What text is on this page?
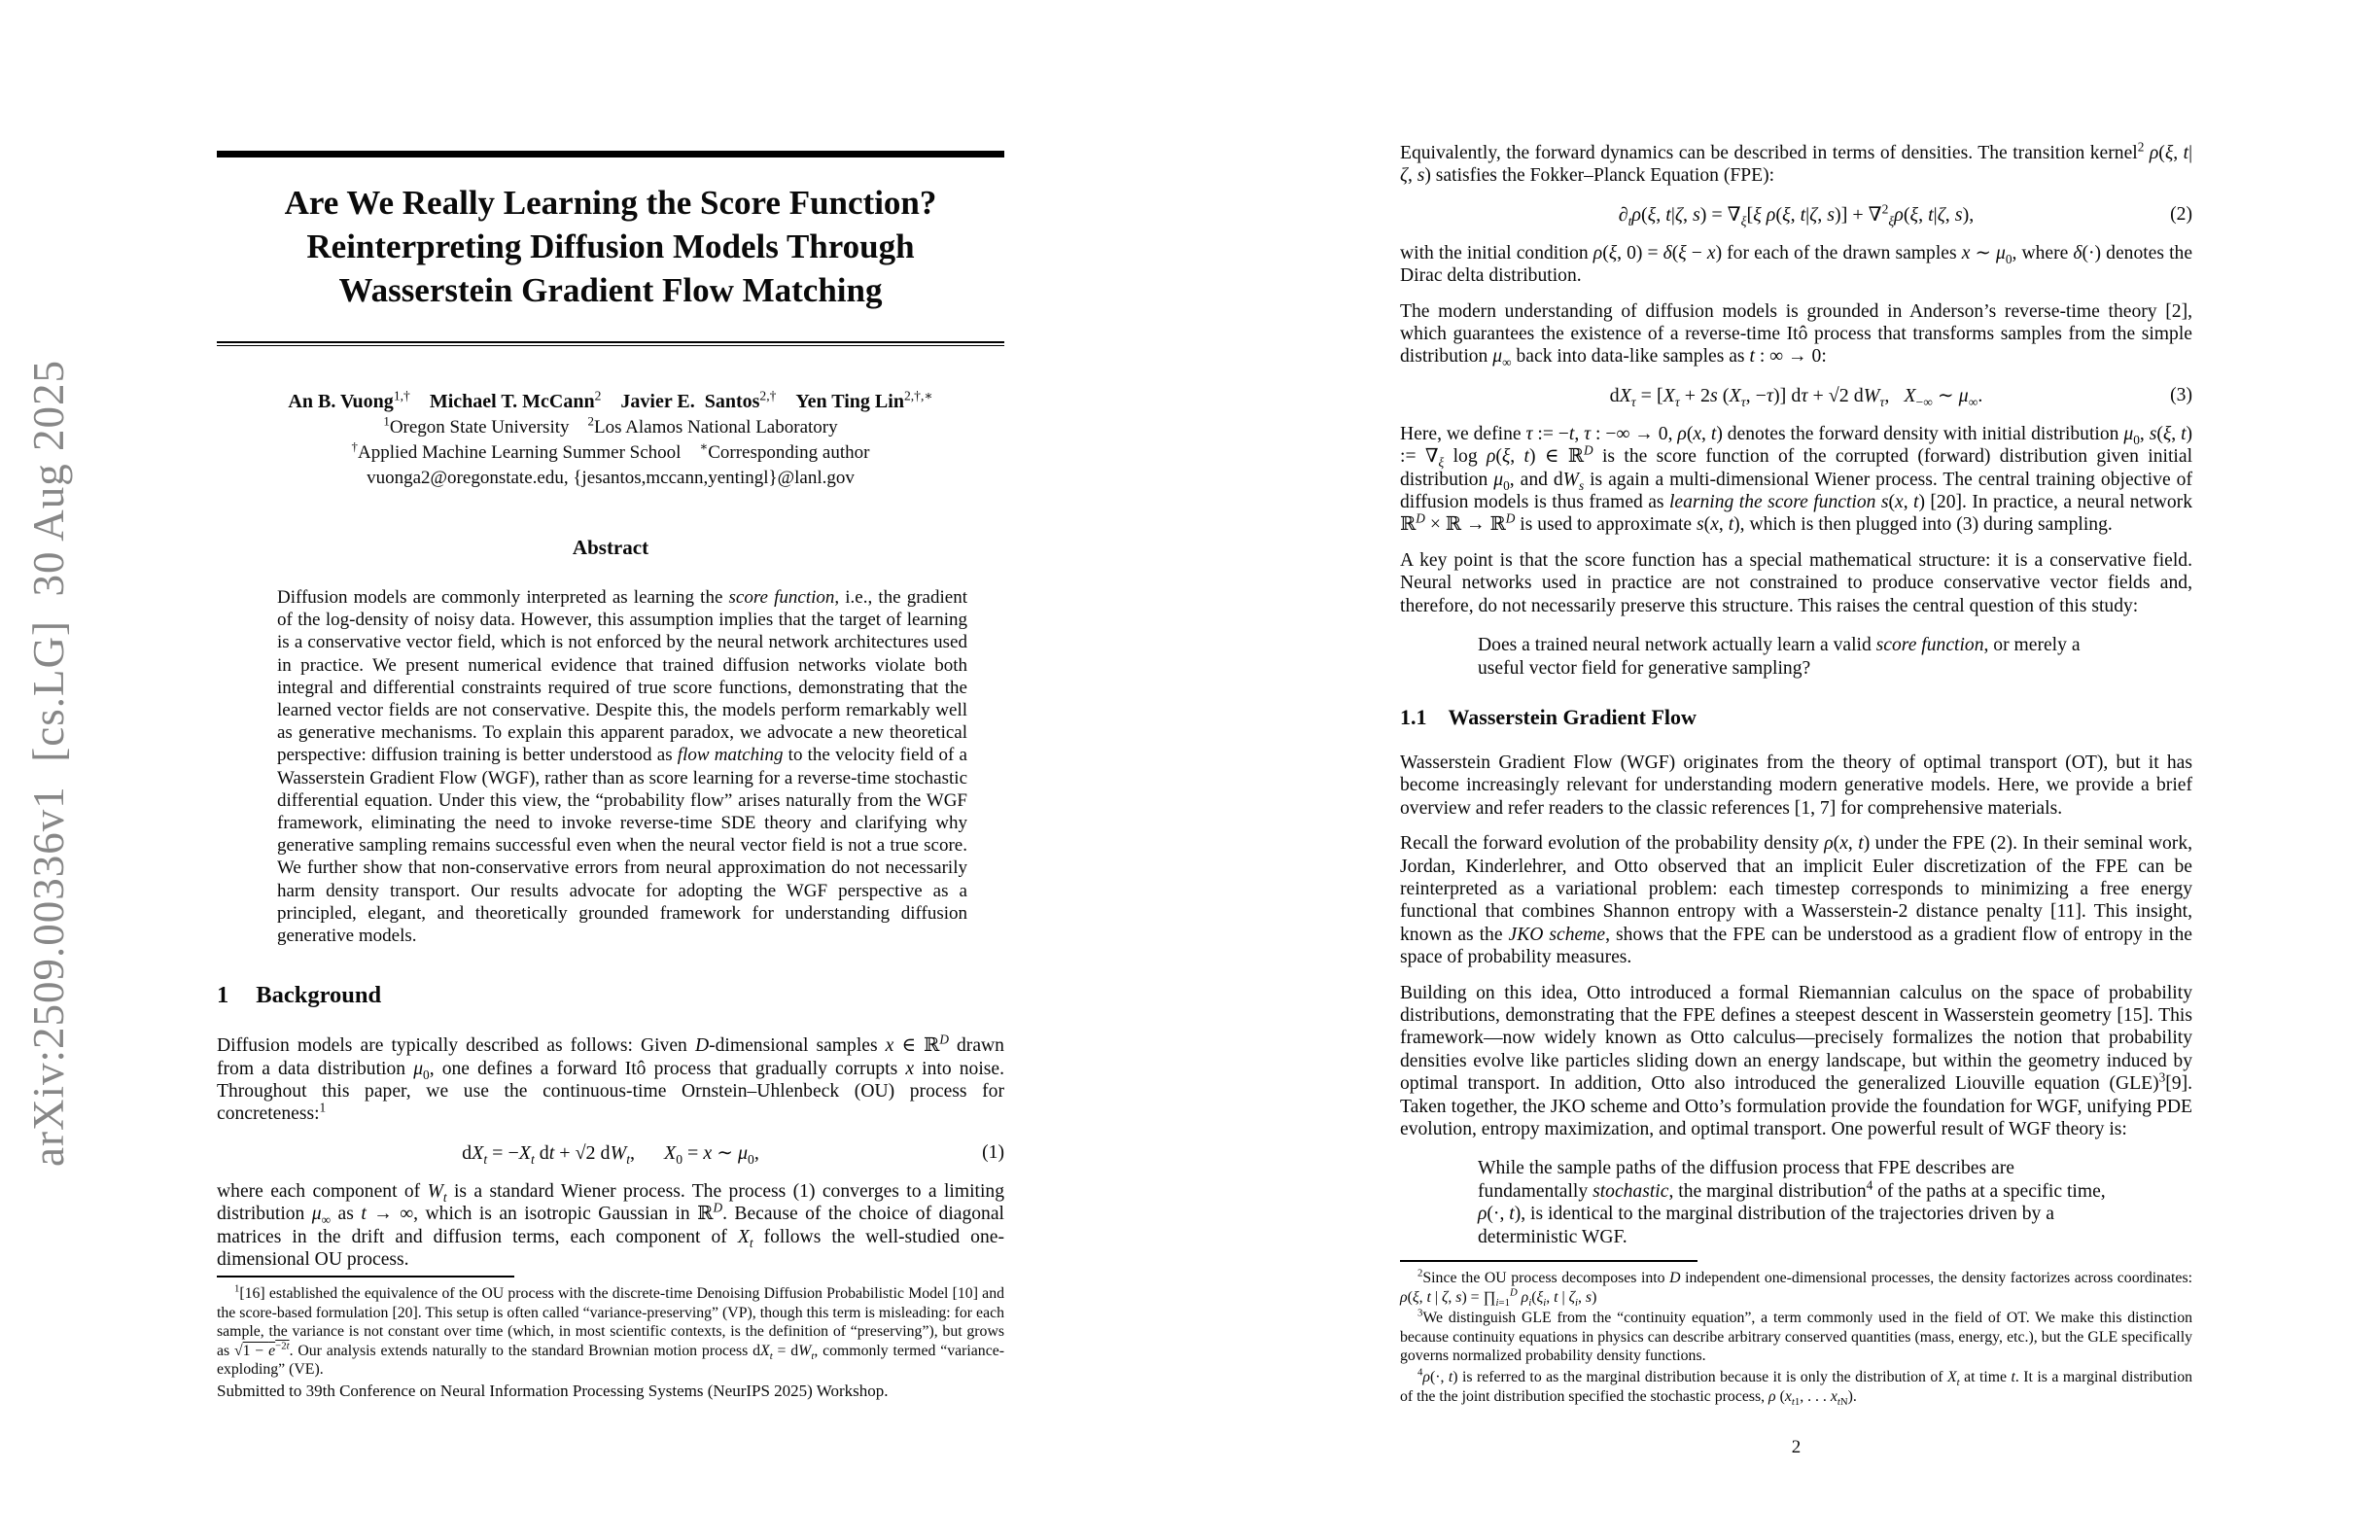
arXiv:2509.00336v1  [cs.LG]  30 Aug 2025
Are We Really Learning the Score Function?
Reinterpreting Diffusion Models Through
Wasserstein Gradient Flow Matching
An B. Vuong$^{1,\dagger}$ Michael T. McCann$^2$ Javier E.  Santos$^{2,\dagger}$ Yen Ting Lin$^{2,\dagger,∗}$
$^1$Oregon State University    $^2$Los Alamos National Laboratory
†Applied Machine Learning Summer School    ∗Corresponding author
vuonga2@oregonstate.edu, {jesantos,mccann,yentingl}@lanl.gov
Abstract

Diffusion models are commonly interpreted as learning the score function, i.e., the gradient of the log-density of noisy data. However, this assumption implies that the target of learning is a conservative vector field, which is not enforced by the neural network architectures used in practice. We present numerical evidence that trained diffusion networks violate both integral and differential constraints required of true score functions, demonstrating that the learned vector fields are not conservative. Despite this, the models perform remarkably well as generative mechanisms. To explain this apparent paradox, we advocate a new theoretical perspective: diffusion training is better understood as flow matching to the velocity field of a Wasserstein Gradient Flow (WGF), rather than as score learning for a reverse-time stochastic differential equation. Under this view, the “probability flow” arises naturally from the WGF framework, eliminating the need to invoke reverse-time SDE theory and clarifying why generative sampling remains successful even when the neural vector field is not a true score. We further show that non-conservative errors from neural approximation do not necessarily harm density transport. Our results advocate for adopting the WGF perspective as a principled, elegant, and theoretically grounded framework for understanding diffusion generative models.

1 Background

Diffusion models are typically described as follows: Given D-dimensional samples x ∈ ℝ$^D$ drawn from a data distribution $\mu_0$, one defines a forward Itô process that gradually corrupts x into noise. Throughout this paper, we use the continuous-time Ornstein–Uhlenbeck (OU) process for concreteness:$^1$

$dX_t = -X_t$ dt + √2 $dW_t$,      $X_0 = x$ ∼ $\mu_0$,	(1)

where each component of $W_t$ is a standard Wiener process. The process (1) converges to a limiting distribution $\mu_\infty$ as t → ∞, which is an isotropic Gaussian in ℝ$^D$. Because of the choice of diagonal matrices in the drift and diffusion terms, each component of $X_t$ follows the well-studied one-dimensional OU process.

$^1$[16] established the equivalence of the OU process with the discrete-time Denoising Diffusion Probabilistic Model [10] and the score-based formulation [20]. This setup is often called “variance-preserving” (VP), though this term is misleading: for each sample, the variance is not constant over time (which, in most scientific contexts, is the definition of “preserving”), but grows as $√1 - e^{-2t}$. Our analysis extends naturally to the standard Brownian motion process $dX_t = dW_t$, commonly termed “variance-exploding” (VE).

Submitted to 39th Conference on Neural Information Processing Systems (NeurIPS 2025) Workshop.

Equivalently, the forward dynamics can be described in terms of densities. The transition kernel$^2$ ρ(ξ, t|ζ, s) satisfies the Fokker–Planck Equation (FPE):

$\partial_t\rho(\xi$, t|ζ, $s) = \nabla_\xi[\xi$ ρ(ξ, t|ζ, s)] + ∇$^2_\xi$ρ(ξ, t|ζ, s),	(2)

with the initial condition ρ(ξ, 0) = δ(ξ − x) for each of the drawn samples x ∼ $\mu_0$, where δ(·) denotes the Dirac delta distribution.

The modern understanding of diffusion models is grounded in Anderson’s reverse-time theory [2], which guarantees the existence of a reverse-time Itô process that transforms samples from the simple distribution $\mu_\infty$ back into data-like samples as t : ∞ → 0:

$dX_\tau = [X_\tau + 2s$ ($X_\tau$, −τ)] dτ + √2 $dW_\tau$,   $X_{-\infty}$ ∼ $\mu_\infty$.	(3)

Here, we define τ := −t, τ : −∞ → 0, ρ(x, t) denotes the forward density with initial distribution $\mu_0$, s(ξ, t) := $\nabla_\xi$ log ρ(ξ, t) ∈ ℝ$^D$ is the score function of the corrupted (forward) distribution given initial distribution $\mu_0$, and $dW_s$ is again a multi-dimensional Wiener process. The central training objective of diffusion models is thus framed as learning the score function s(x, t) [20]. In practice, a neural network ℝ$^D$ × ℝ → ℝ$^D$ is used to approximate s(x, t), which is then plugged into (3) during sampling.

A key point is that the score function has a special mathematical structure: it is a conservative field. Neural networks used in practice are not constrained to produce conservative vector fields and, therefore, do not necessarily preserve this structure. This raises the central question of this study:

Does a trained neural network actually learn a valid score function, or merely a useful vector field for generative sampling?
1.1 Wasserstein Gradient Flow

Wasserstein Gradient Flow (WGF) originates from the theory of optimal transport (OT), but it has become increasingly relevant for understanding modern generative models. Here, we provide a brief overview and refer readers to the classic references [1, 7] for comprehensive materials.

Recall the forward evolution of the probability density ρ(x, t) under the FPE (2). In their seminal work, Jordan, Kinderlehrer, and Otto observed that an implicit Euler discretization of the FPE can be reinterpreted as a variational problem: each timestep corresponds to minimizing a free energy functional that combines Shannon entropy with a Wasserstein-2 distance penalty [11]. This insight, known as the JKO scheme, shows that the FPE can be understood as a gradient flow of entropy in the space of probability measures.

Building on this idea, Otto introduced a formal Riemannian calculus on the space of probability distributions, demonstrating that the FPE defines a steepest descent in Wasserstein geometry [15]. This framework—now widely known as Otto calculus—precisely formalizes the notion that probability densities evolve like particles sliding down an energy landscape, but within the geometry induced by optimal transport. In addition, Otto also introduced the generalized Liouville equation (GLE)$^3$[9]. Taken together, the JKO scheme and Otto’s formulation provide the foundation for WGF, unifying PDE evolution, entropy maximization, and optimal transport. One powerful result of WGF theory is:

While the sample paths of the diffusion process that FPE describes are fundamentally stochastic, the marginal distribution$^4$ of the paths at a specific time, ρ(·, t), is identical to the marginal distribution of the trajectories driven by a deterministic WGF.

$^2$Since the OU process decomposes into D independent one-dimensional processes, the density factorizes across coordinates: ρ(ξ, t | ζ, $s) = \prod_{i=1}^D$ $\rho_i(\xi_i$, t | $\zeta_i$, s)

$^3$We distinguish GLE from the “continuity equation”, a term commonly used in the field of OT. We make this distinction because continuity equations in physics can describe arbitrary conserved quantities (mass, energy, etc.), but the GLE specifically governs normalized probability density functions.

$^4$ρ(·, t) is referred to as the marginal distribution because it is only the distribution of $X_t$ at time t. It is a marginal distribution of the the joint distribution specified the stochastic process, ρ ($x_{t1}$, . . . $x_{tN}$).

2
